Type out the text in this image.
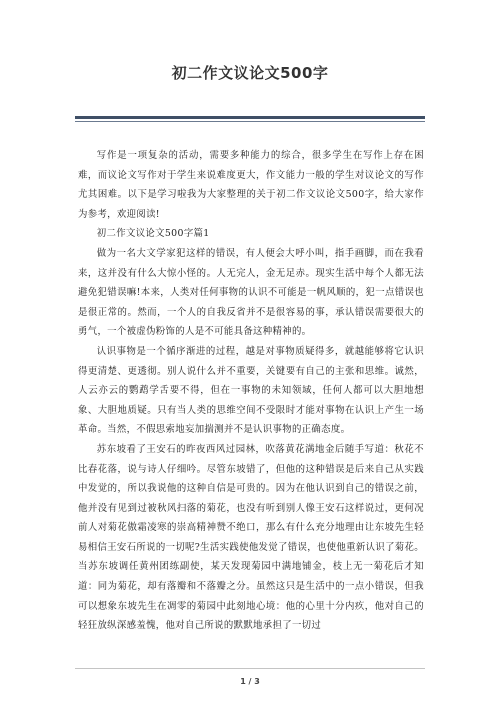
初二作文议论文500字

写作是一项复杂的活动，需要多种能力的综合，很多学生在写作上存在困难，而议论文写作对于学生来说难度更大，作文能力一般的学生对议论文的写作尤其困难。以下是学习啦我为大家整理的关于初二作文议论文500字，给大家作为参考，欢迎阅读!

初二作文议论文500字篇1

做为一名大文学家犯这样的错误，有人便会大呼小叫，指手画脚，而在我看来，这并没有什么大惊小怪的。人无完人，金无足赤。现实生活中每个人都无法避免犯错误嘛!本来，人类对任何事物的认识不可能是一帆风顺的，犯一点错误也是很正常的。然而，一个人的自我反省并不是很容易的事，承认错误需要很大的勇气，一个被虚伪粉饰的人是不可能具备这种精神的。

认识事物是一个循序渐进的过程，越是对事物质疑得多，就越能够将它认识得更清楚、更透彻。别人说什么并不重要，关键要有自己的主张和思维。诚然，人云亦云的鹦鹉学舌要不得，但在一事物的未知领域，任何人都可以大胆地想象、大胆地质疑。只有当人类的思维空间不受限时才能对事物在认识上产生一场革命。当然，不假思索地妄加揣测并不是认识事物的正确态度。

苏东坡看了王安石的昨夜西风过园林，吹落黄花满地金后随手写道：秋花不比春花落，说与诗人仔细吟。尽管东坡错了，但他的这种错误是后来自己从实践中发觉的，所以我说他的这种自信是可贵的。因为在他认识到自己的错误之前，他并没有见到过被秋风扫落的菊花，也没有听到别人像王安石这样说过，更何况前人对菊花傲霜凌寒的崇高精神赞不绝口，那么有什么充分地理由让东坡先生轻易相信王安石所说的一切呢?生活实践使他发觉了错误，也使他重新认识了菊花。当苏东坡调任黄州团练副使，某天发现菊园中满地铺金，枝上无一菊花后才知道：同为菊花，却有落瓣和不落瓣之分。虽然这只是生活中的一点小错误，但我可以想象东坡先生在凋零的菊园中此刻地心境：他的心里十分内疚，他对自己的轻狂放纵深感羞愧，他对自己所说的默默地承担了一切过

1 / 3
